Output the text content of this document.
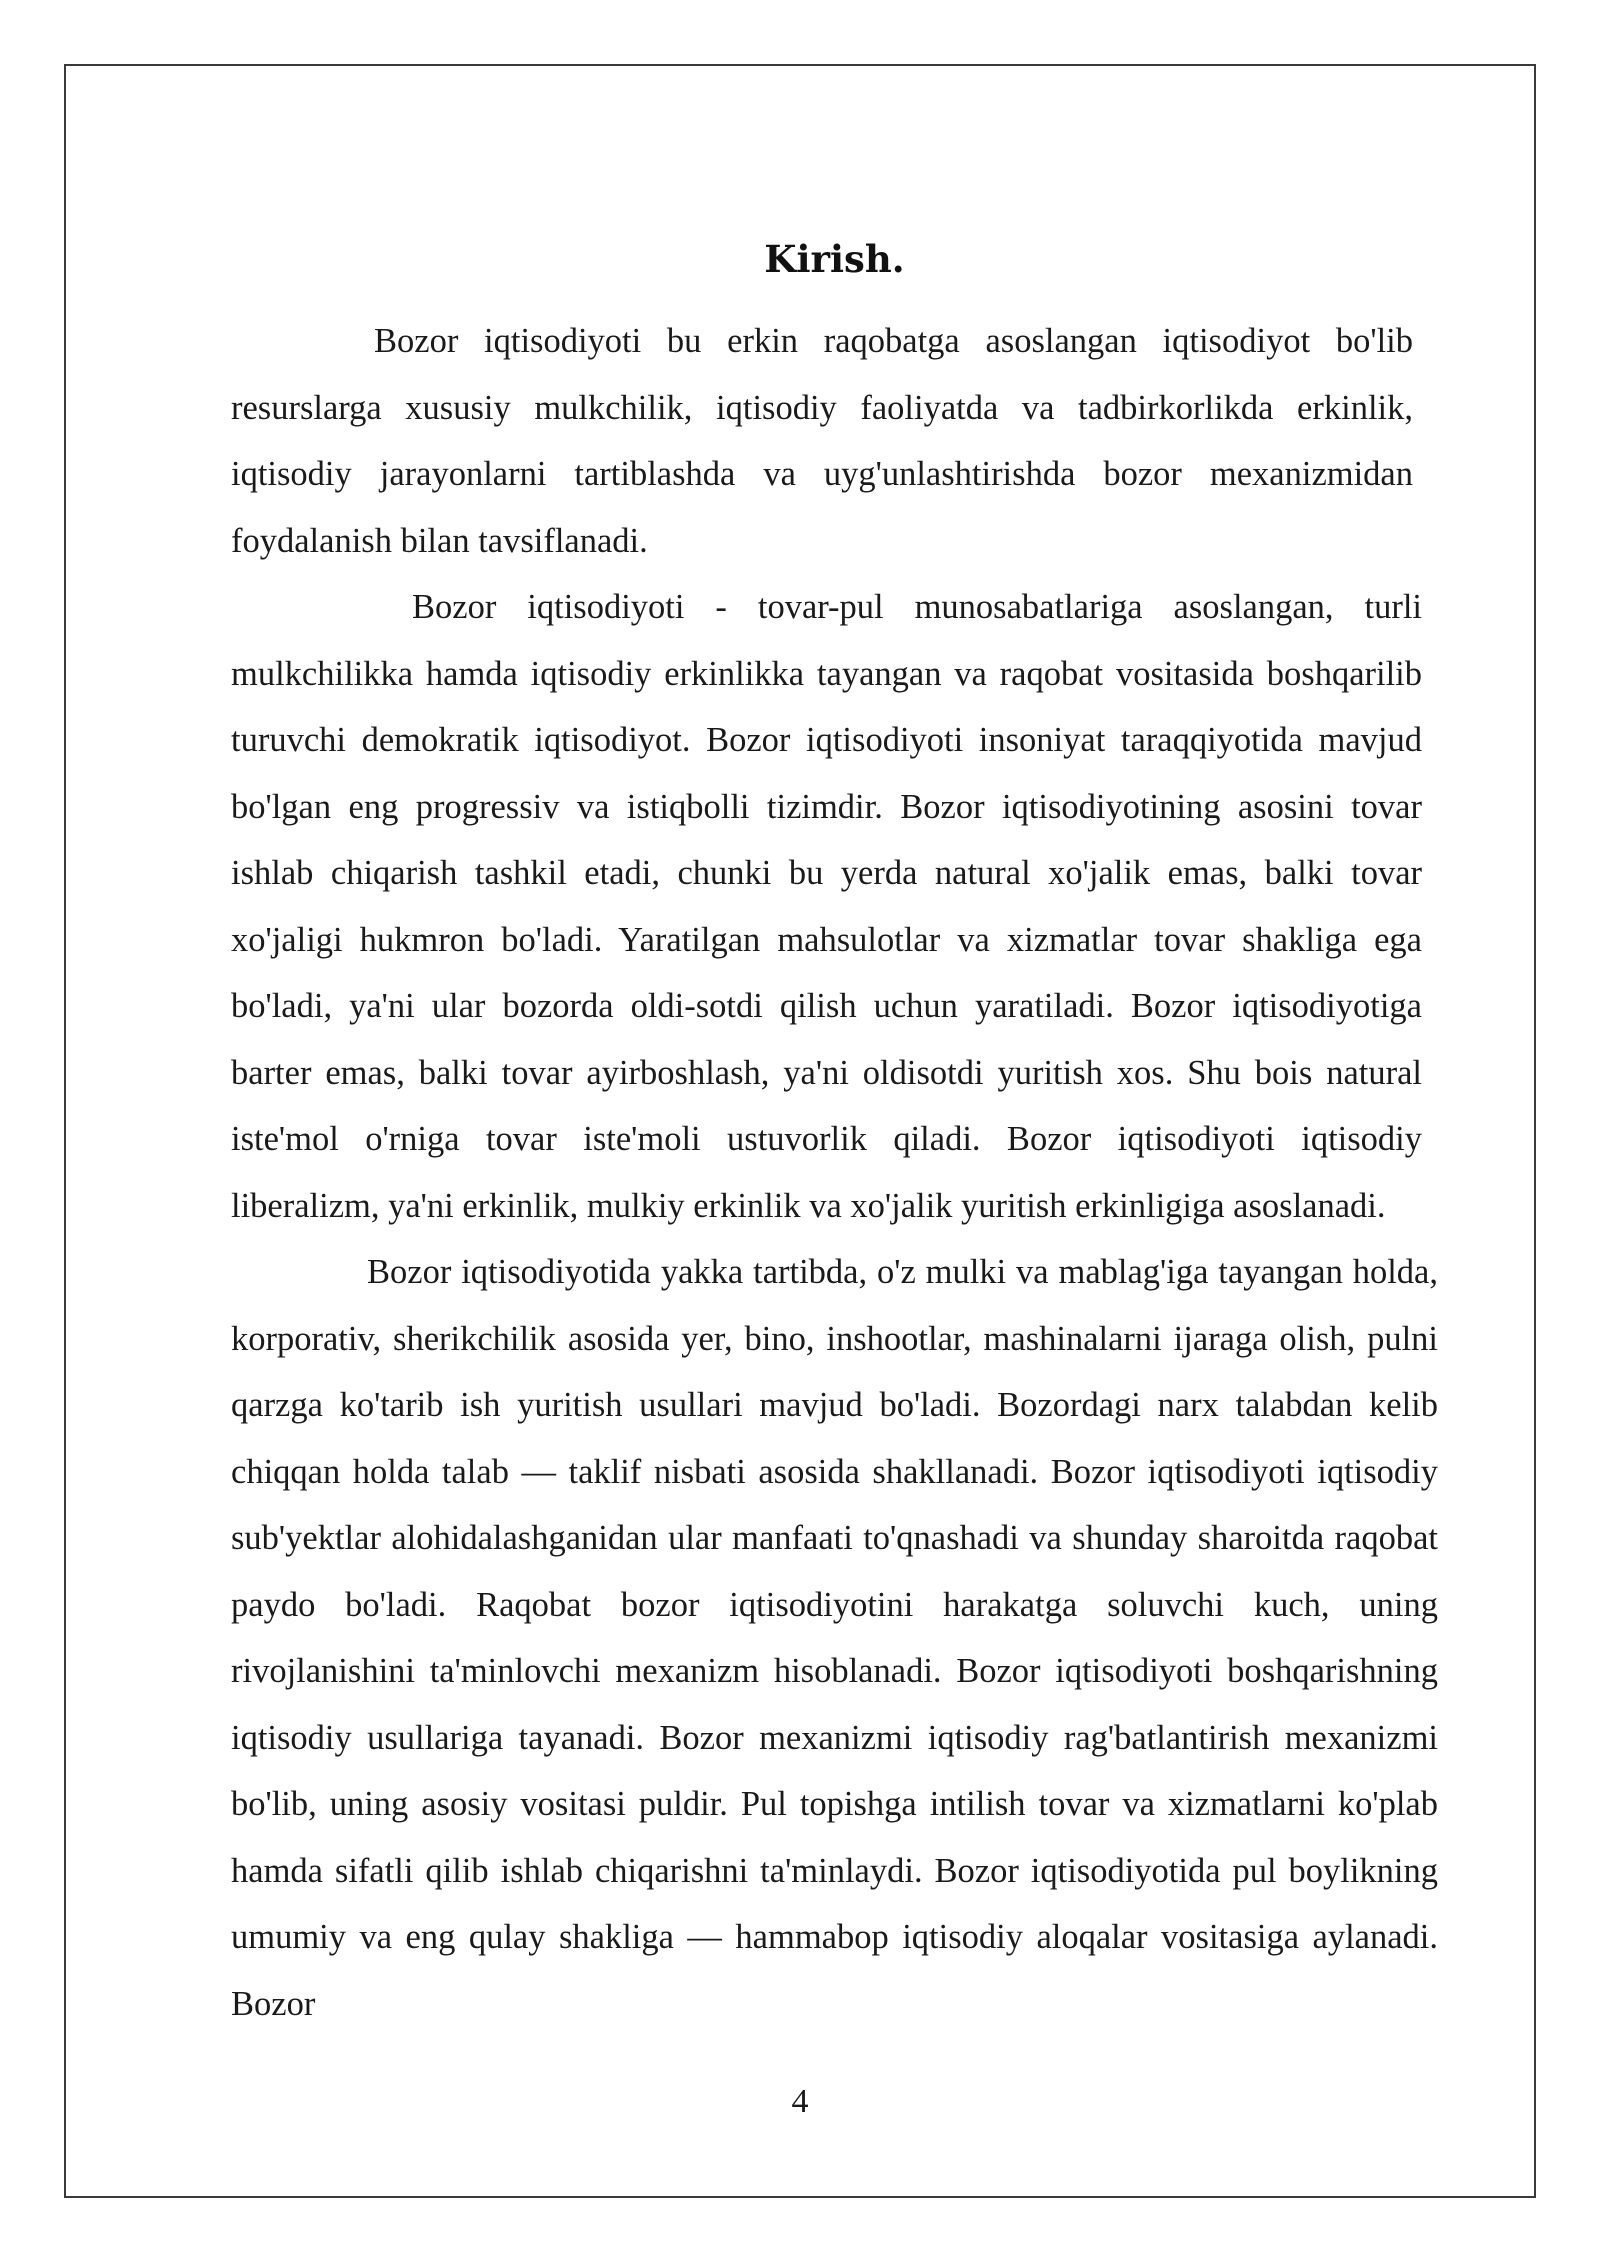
Kirish.

Bozor iqtisodiyoti bu erkin raqobatga asoslangan iqtisodiyot bo'lib resurslarga xususiy mulkchilik, iqtisodiy faoliyatda va tadbirkorlikda erkinlik, iqtisodiy jarayonlarni tartiblashda va uyg'unlashtirishda bozor mexanizmidan foydalanish bilan tavsiflanadi.

Bozor iqtisodiyoti - tovar-pul munosabatlariga asoslangan, turli mulkchilikka hamda iqtisodiy erkinlikka tayangan va raqobat vositasida boshqarilib turuvchi demokratik iqtisodiyot. Bozor iqtisodiyoti insoniyat taraqqiyotida mavjud bo'lgan eng progressiv va istiqbolli tizimdir. Bozor iqtisodiyotining asosini tovar ishlab chiqarish tashkil etadi, chunki bu yerda natural xo'jalik emas, balki tovar xo'jaligi hukmron bo'ladi. Yaratilgan mahsulotlar va xizmatlar tovar shakliga ega bo'ladi, ya'ni ular bozorda oldi-sotdi qilish uchun yaratiladi. Bozor iqtisodiyotiga barter emas, balki tovar ayirboshlash, ya'ni oldisotdi yuritish xos. Shu bois natural iste'mol o'rniga tovar iste'moli ustuvorlik qiladi. Bozor iqtisodiyoti iqtisodiy liberalizm, ya'ni erkinlik, mulkiy erkinlik va xo'jalik yuritish erkinligiga asoslanadi.

Bozor iqtisodiyotida yakka tartibda, o'z mulki va mablag'iga tayangan holda, korporativ, sherikchilik asosida yer, bino, inshootlar, mashinalarni ijaraga olish, pulni qarzga ko'tarib ish yuritish usullari mavjud bo'ladi. Bozordagi narx talabdan kelib chiqqan holda talab — taklif nisbati asosida shakllanadi. Bozor iqtisodiyoti iqtisodiy sub'yektlar alohidalashganidan ular manfaati to'qnashadi va shunday sharoitda raqobat paydo bo'ladi. Raqobat bozor iqtisodiyotini harakatga soluvchi kuch, uning rivojlanishini ta'minlovchi mexanizm hisoblanadi. Bozor iqtisodiyoti boshqarishning iqtisodiy usullariga tayanadi. Bozor mexanizmi iqtisodiy rag'batlantirish mexanizmi bo'lib, uning asosiy vositasi puldir. Pul topishga intilish tovar va xizmatlarni ko'plab hamda sifatli qilib ishlab chiqarishni ta'minlaydi. Bozor iqtisodiyotida pul boylikning umumiy va eng qulay shakliga — hammabop iqtisodiy aloqalar vositasiga aylanadi. Bozor

4
